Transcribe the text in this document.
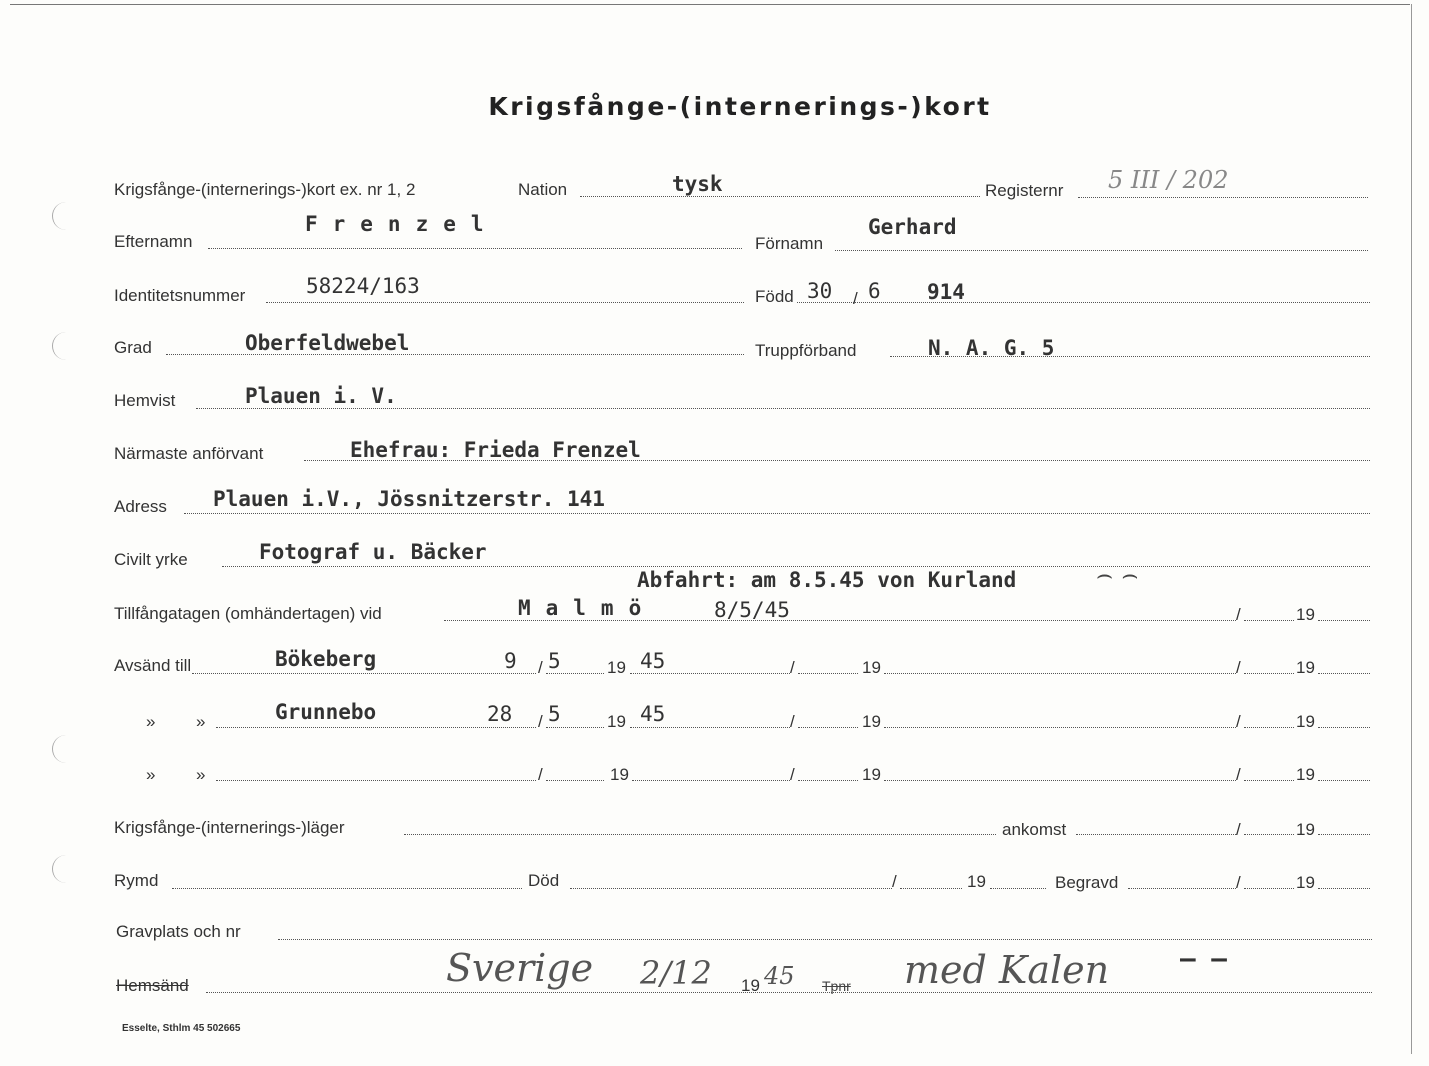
Krigsfånge-(internerings-)kort
Krigsfånge-(internerings-)kort ex. nr 1, 2	Nation	tysk	Registernr 5 III / 202
Efternamn
Frenzel
Förnamn
Gerhard
Identitetsnummer	58224/163	Född 30 / 6 914
Grad	Oberfeldwebel	Truppförband	N. A. G. 5
Hemvist	Plauen i. V.
Närmaste anförvant	Ehefrau: Frieda Frenzel
Adress Plauen i.V., Jössnitzerstr. 141
Civilt yrke	Fotograf u. Bäcker
Abfahrt: am 8.5.45 von Kurland	⌢ ⌢
Tillfångatagen (omhändertagen) vid	Malmö	8/5/45	/	19
Avsänd till	Bökeberg	9 / 5	19 45	/	19	/	19
» »	Grunnebo	28 / 5	19 45	/	19	/	19
» »	/	19	/	19	/	19
Krigsfånge-(internerings-)läger	ankomst	/	19
Rymd	Död	/	19	Begravd	/	19
Gravplats och nr
Hemsänd	Sverige 2/12 19 45 Tpnr med Kalen	– –
Esselte, Sthlm 45 502665
